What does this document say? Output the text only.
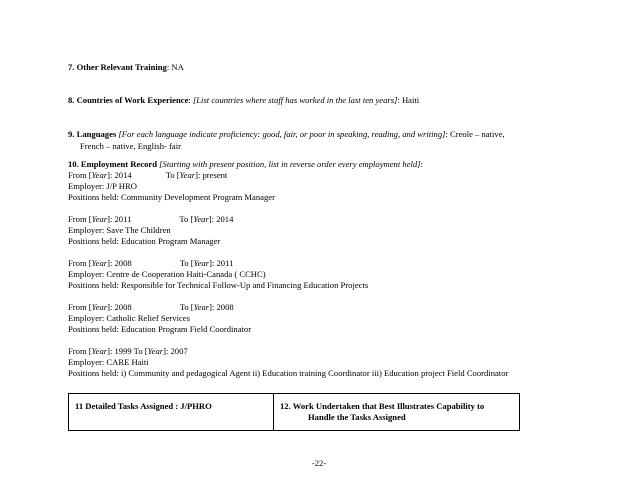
7. Other Relevant Training: NA
8. Countries of Work Experience: [List countries where staff has worked in the last ten years]: Haiti
9. Languages [For each language indicate proficiency: good, fair, or poor in speaking, reading, and writing]: Creole – native,
French – native, English- fair
10. Employment Record [Starting with present position, list in reverse order every employment held]:
From [Year]: 2014	To [Year]: present
Employer: J/P HRO
Positions held: Community Development Program Manager
From [Year]: 2011	To [Year]: 2014
Employer: Save The Children
Positions held: Education Program Manager
From [Year]: 2008	To [Year]: 2011
Employer: Centre de Cooperation Haiti-Canada ( CCHC)
Positions held: Responsible for Technical Follow-Up and Financing Education Projects
From [Year]: 2008	To [Year]: 2008
Employer: Catholic Relief Services
Positions held: Education Program Field Coordinator
From [Year]: 1999 To [Year]: 2007
Employer: CARE Haiti
Positions held: i) Community and pedagogical Agent ii) Education training Coordinator iii) Education project Field Coordinator
11 Detailed Tasks Assigned : J/PHRO	12. Work Undertaken that Best Illustrates Capability to
Handle the Tasks Assigned
-22-
